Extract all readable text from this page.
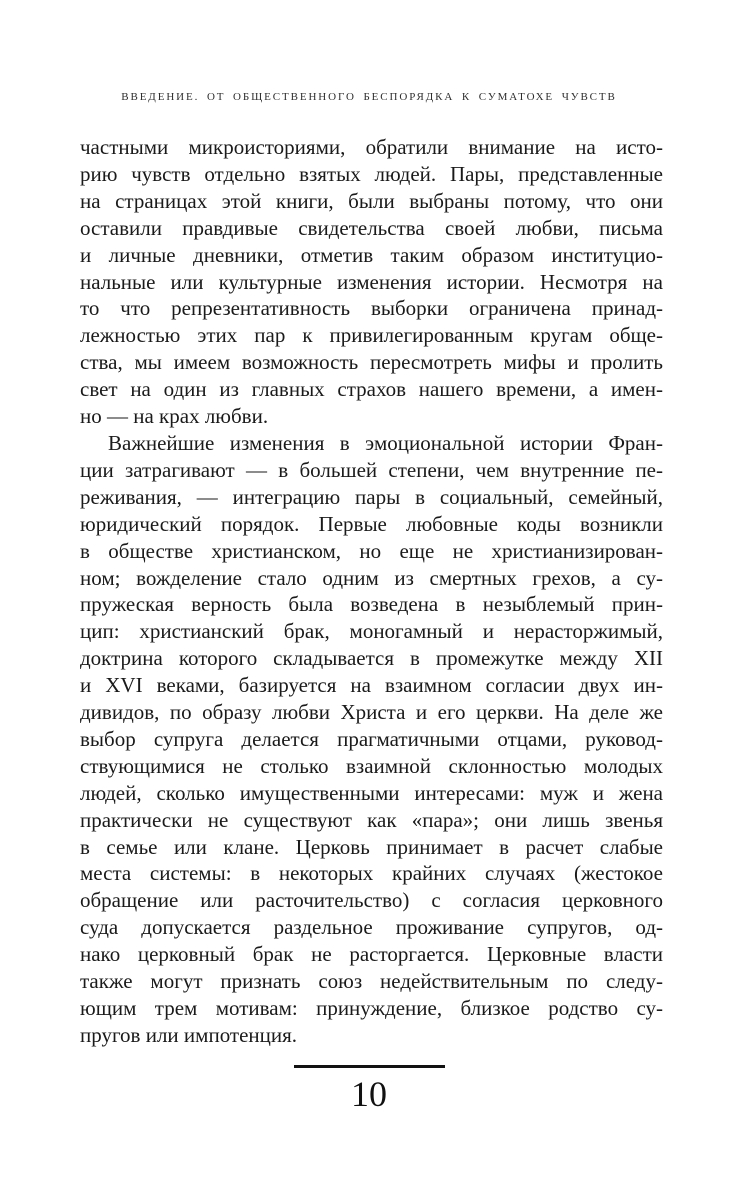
ВВЕДЕНИЕ. ОТ ОБЩЕСТВЕННОГО БЕСПОРЯДКА К СУМАТОХЕ ЧУВСТВ
частными микроисториями, обратили внимание на исто-
рию чувств отдельно взятых людей. Пары, представленные
на страницах этой книги, были выбраны потому, что они
оставили правдивые свидетельства своей любви, письма
и личные дневники, отметив таким образом институцио-
нальные или культурные изменения истории. Несмотря на
то что репрезентативность выборки ограничена принад-
лежностью этих пар к привилегированным кругам обще-
ства, мы имеем возможность пересмотреть мифы и пролить
свет на один из главных страхов нашего времени, а имен-
но — на крах любви.
Важнейшие изменения в эмоциональной истории Фран-
ции затрагивают — в большей степени, чем внутренние пе-
реживания, — интеграцию пары в социальный, семейный,
юридический порядок. Первые любовные коды возникли
в обществе христианском, но еще не христианизирован-
ном; вожделение стало одним из смертных грехов, а су-
пружеская верность была возведена в незыблемый прин-
цип: христианский брак, моногамный и нерасторжимый,
доктрина которого складывается в промежутке между XII
и XVI веками, базируется на взаимном согласии двух ин-
дивидов, по образу любви Христа и его церкви. На деле же
выбор супруга делается прагматичными отцами, руковод-
ствующимися не столько взаимной склонностью молодых
людей, сколько имущественными интересами: муж и жена
практически не существуют как «пара»; они лишь звенья
в семье или клане. Церковь принимает в расчет слабые
места системы: в некоторых крайних случаях (жестокое
обращение или расточительство) с согласия церковного
суда допускается раздельное проживание супругов, од-
нако церковный брак не расторгается. Церковные власти
также могут признать союз недействительным по следу-
ющим трем мотивам: принуждение, близкое родство су-
пругов или импотенция.
10
